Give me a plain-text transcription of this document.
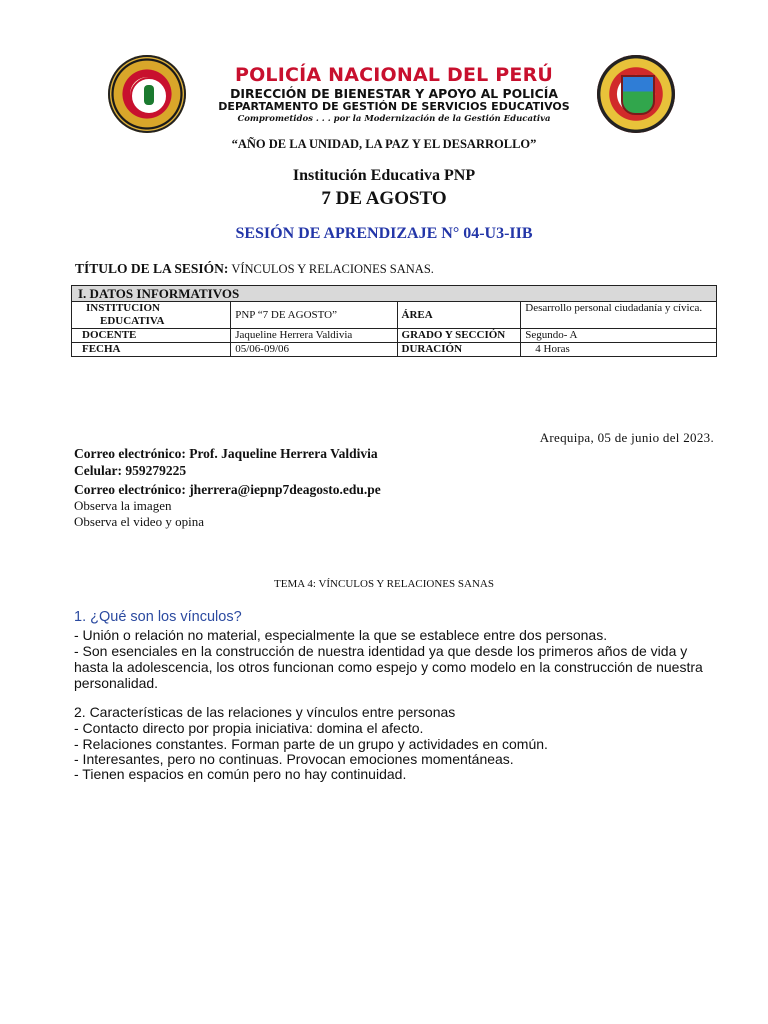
POLICÍA NACIONAL DEL PERÚ
DIRECCIÓN DE BIENESTAR Y APOYO AL POLICÍA
DEPARTAMENTO DE GESTIÓN DE SERVICIOS EDUCATIVOS
Comprometidos . . . por la Modernización de la Gestión Educativa
“AÑO DE LA UNIDAD, LA PAZ Y EL DESARROLLO”
Institución Educativa PNP
7 DE AGOSTO
SESIÓN DE APRENDIZAJE N° 04-U3-IIB
TÍTULO DE LA SESIÓN: VÍNCULOS Y RELACIONES SANAS.
I. DATOS INFORMATIVOS			

INSTITUCION
EDUCATIVA	PNP “7 DE AGOSTO”	ÁREA	Desarrollo personal ciudadanía y cívica.
DOCENTE	Jaqueline Herrera Valdivia	GRADO Y SECCIÓN	Segundo- A
FECHA	05/06-09/06	DURACIÓN	4 Horas
Arequipa, 05 de junio del 2023.
Correo electrónico: Prof. Jaqueline Herrera Valdivia
Celular: 959279225
Correo electrónico: jherrera@iepnp7deagosto.edu.pe
Observa la imagen
Observa el video y opina
TEMA 4: VÍNCULOS Y RELACIONES SANAS
1. ¿Qué son los vínculos?
- Unión o relación no material, especialmente la que se establece entre dos personas.
- Son esenciales en la construcción de nuestra identidad ya que desde los primeros años de vida y
hasta la adolescencia, los otros funcionan como espejo y como modelo en la construcción de nuestra
personalidad.
2. Características de las relaciones y vínculos entre personas
- Contacto directo por propia iniciativa: domina el afecto.
- Relaciones constantes. Forman parte de un grupo y actividades en común.
- Interesantes, pero no continuas. Provocan emociones momentáneas.
- Tienen espacios en común pero no hay continuidad.
